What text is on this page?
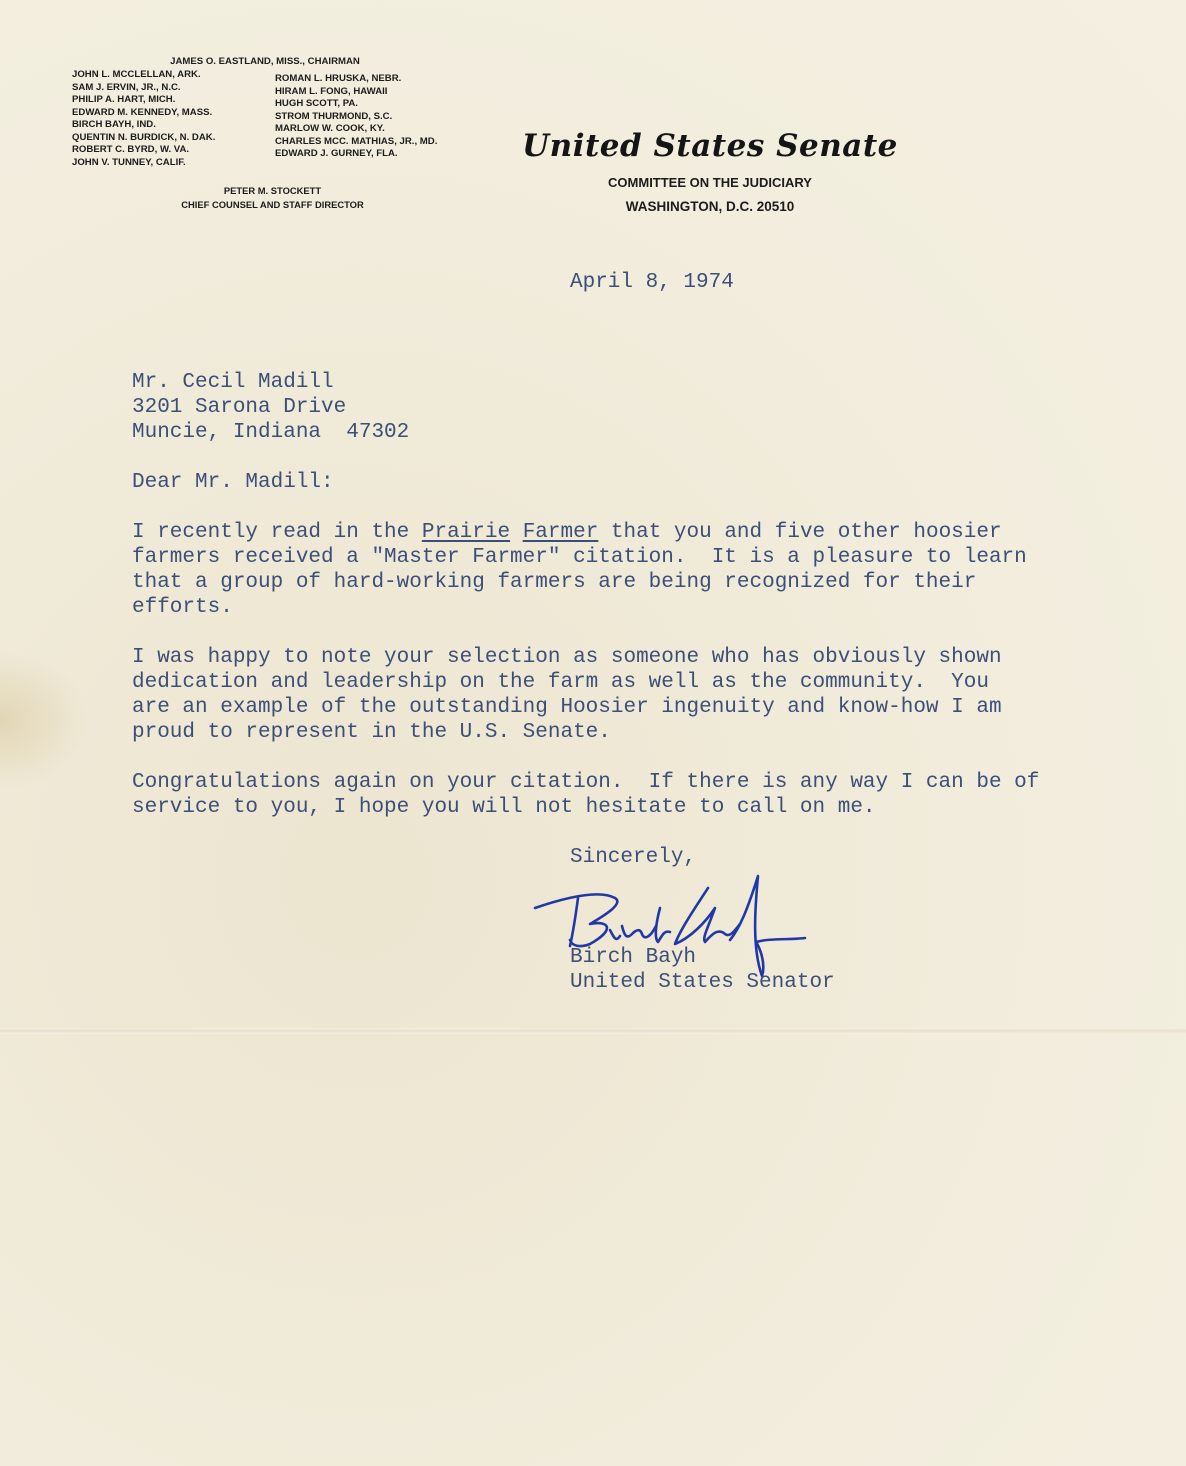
JAMES O. EASTLAND, MISS., CHAIRMAN
JOHN L. MCCLELLAN, ARK.
SAM J. ERVIN, JR., N.C.
PHILIP A. HART, MICH.
EDWARD M. KENNEDY, MASS.
BIRCH BAYH, IND.
QUENTIN N. BURDICK, N. DAK.
ROBERT C. BYRD, W. VA.
JOHN V. TUNNEY, CALIF.
ROMAN L. HRUSKA, NEBR.
HIRAM L. FONG, HAWAII
HUGH SCOTT, PA.
STROM THURMOND, S.C.
MARLOW W. COOK, KY.
CHARLES MCC. MATHIAS, JR., MD.
EDWARD J. GURNEY, FLA.
PETER M. STOCKETT
CHIEF COUNSEL AND STAFF DIRECTOR
United States Senate
COMMITTEE ON THE JUDICIARY
WASHINGTON, D.C. 20510
April 8, 1974
Mr. Cecil Madill
3201 Sarona Drive
Muncie, Indiana  47302
Dear Mr. Madill:
I recently read in the Prairie Farmer that you and five other hoosier
farmers received a "Master Farmer" citation.  It is a pleasure to learn
that a group of hard-working farmers are being recognized for their
efforts.
I was happy to note your selection as someone who has obviously shown
dedication and leadership on the farm as well as the community.  You
are an example of the outstanding Hoosier ingenuity and know-how I am
proud to represent in the U.S. Senate.
Congratulations again on your citation.  If there is any way I can be of
service to you, I hope you will not hesitate to call on me.
Sincerely,
Birch Bayh
United States Senator
